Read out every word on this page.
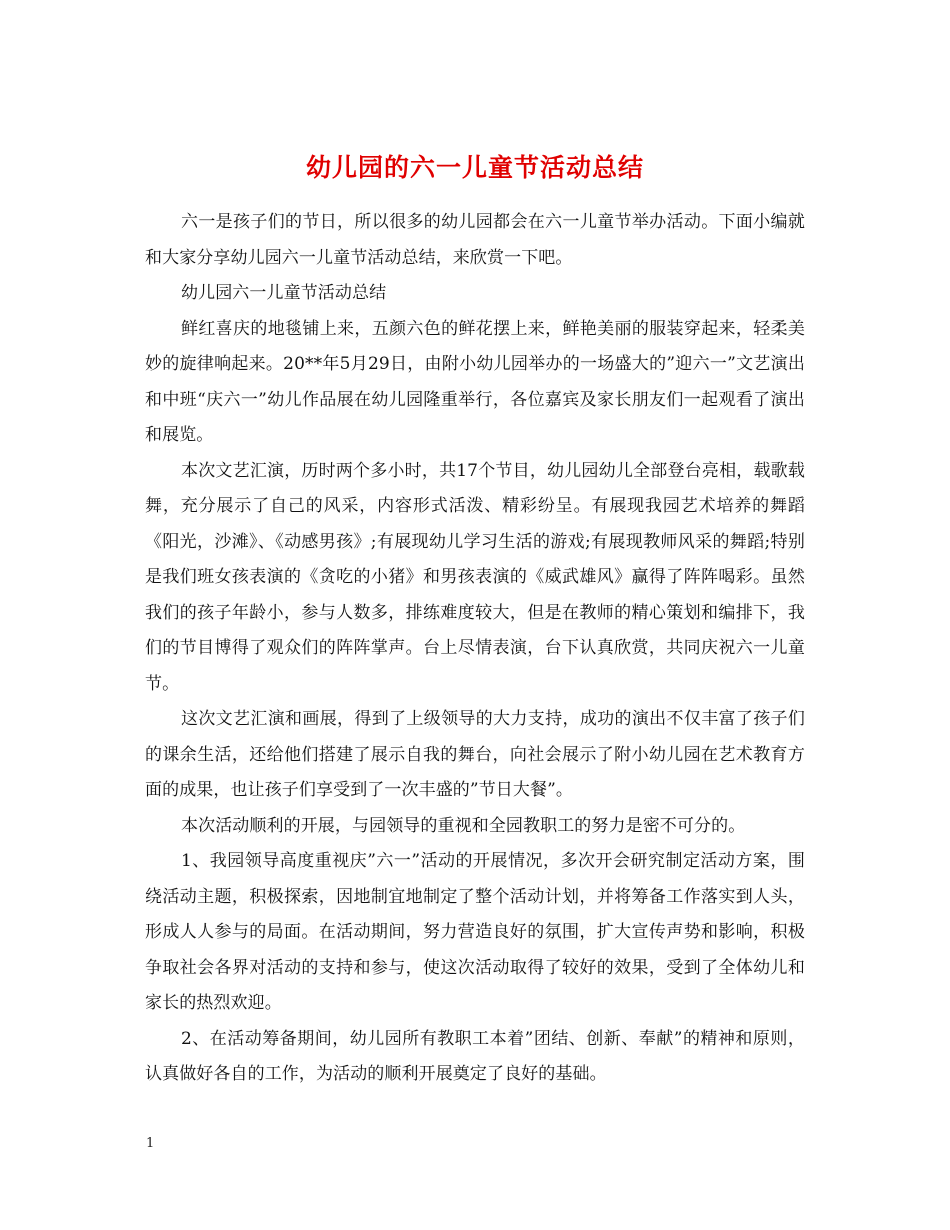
幼儿园的六一儿童节活动总结

六一是孩子们的节日，所以很多的幼儿园都会在六一儿童节举办活动。下面小编就和大家分享幼儿园六一儿童节活动总结，来欣赏一下吧。

幼儿园六一儿童节活动总结

鲜红喜庆的地毯铺上来，五颜六色的鲜花摆上来，鲜艳美丽的服装穿起来，轻柔美妙的旋律响起来。20**年5月29日，由附小幼儿园举办的一场盛大的”迎六一”文艺演出和中班“庆六一”幼儿作品展在幼儿园隆重举行，各位嘉宾及家长朋友们一起观看了演出和展览。

本次文艺汇演，历时两个多小时，共17个节目，幼儿园幼儿全部登台亮相，载歌载舞，充分展示了自己的风采，内容形式活泼、精彩纷呈。有展现我园艺术培养的舞蹈《阳光，沙滩》、《动感男孩》;有展现幼儿学习生活的游戏;有展现教师风采的舞蹈;特别是我们班女孩表演的《贪吃的小猪》和男孩表演的《威武雄风》赢得了阵阵喝彩。虽然我们的孩子年龄小，参与人数多，排练难度较大，但是在教师的精心策划和编排下，我们的节目博得了观众们的阵阵掌声。台上尽情表演，台下认真欣赏，共同庆祝六一儿童节。

这次文艺汇演和画展，得到了上级领导的大力支持，成功的演出不仅丰富了孩子们的课余生活，还给他们搭建了展示自我的舞台，向社会展示了附小幼儿园在艺术教育方面的成果，也让孩子们享受到了一次丰盛的”节日大餐”。

本次活动顺利的开展，与园领导的重视和全园教职工的努力是密不可分的。

1、我园领导高度重视庆”六一”活动的开展情况，多次开会研究制定活动方案，围绕活动主题，积极探索，因地制宜地制定了整个活动计划，并将筹备工作落实到人头，形成人人参与的局面。在活动期间，努力营造良好的氛围，扩大宣传声势和影响，积极争取社会各界对活动的支持和参与，使这次活动取得了较好的效果，受到了全体幼儿和家长的热烈欢迎。

2、在活动筹备期间，幼儿园所有教职工本着”团结、创新、奉献”的精神和原则，认真做好各自的工作，为活动的顺利开展奠定了良好的基础。

1
